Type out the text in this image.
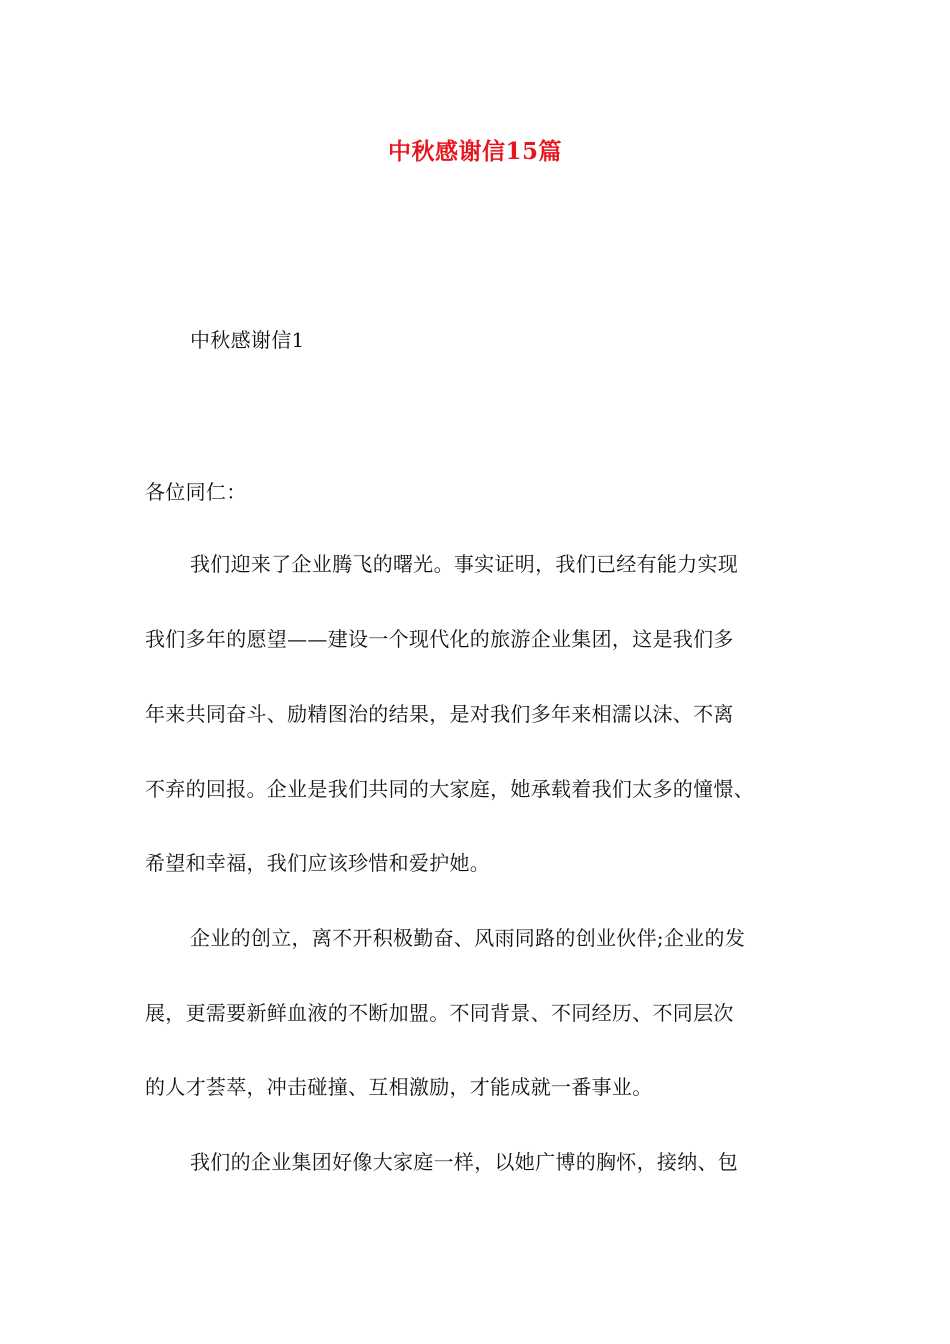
中秋感谢信15篇
中秋感谢信1
各位同仁：
我们迎来了企业腾飞的曙光。事实证明，我们已经有能力实现
我们多年的愿望——建设一个现代化的旅游企业集团，这是我们多
年来共同奋斗、励精图治的结果，是对我们多年来相濡以沫、不离
不弃的回报。企业是我们共同的大家庭，她承载着我们太多的憧憬、
希望和幸福，我们应该珍惜和爱护她。
企业的创立，离不开积极勤奋、风雨同路的创业伙伴;企业的发
展，更需要新鲜血液的不断加盟。不同背景、不同经历、不同层次
的人才荟萃，冲击碰撞、互相激励，才能成就一番事业。
我们的企业集团好像大家庭一样，以她广博的胸怀，接纳、包
